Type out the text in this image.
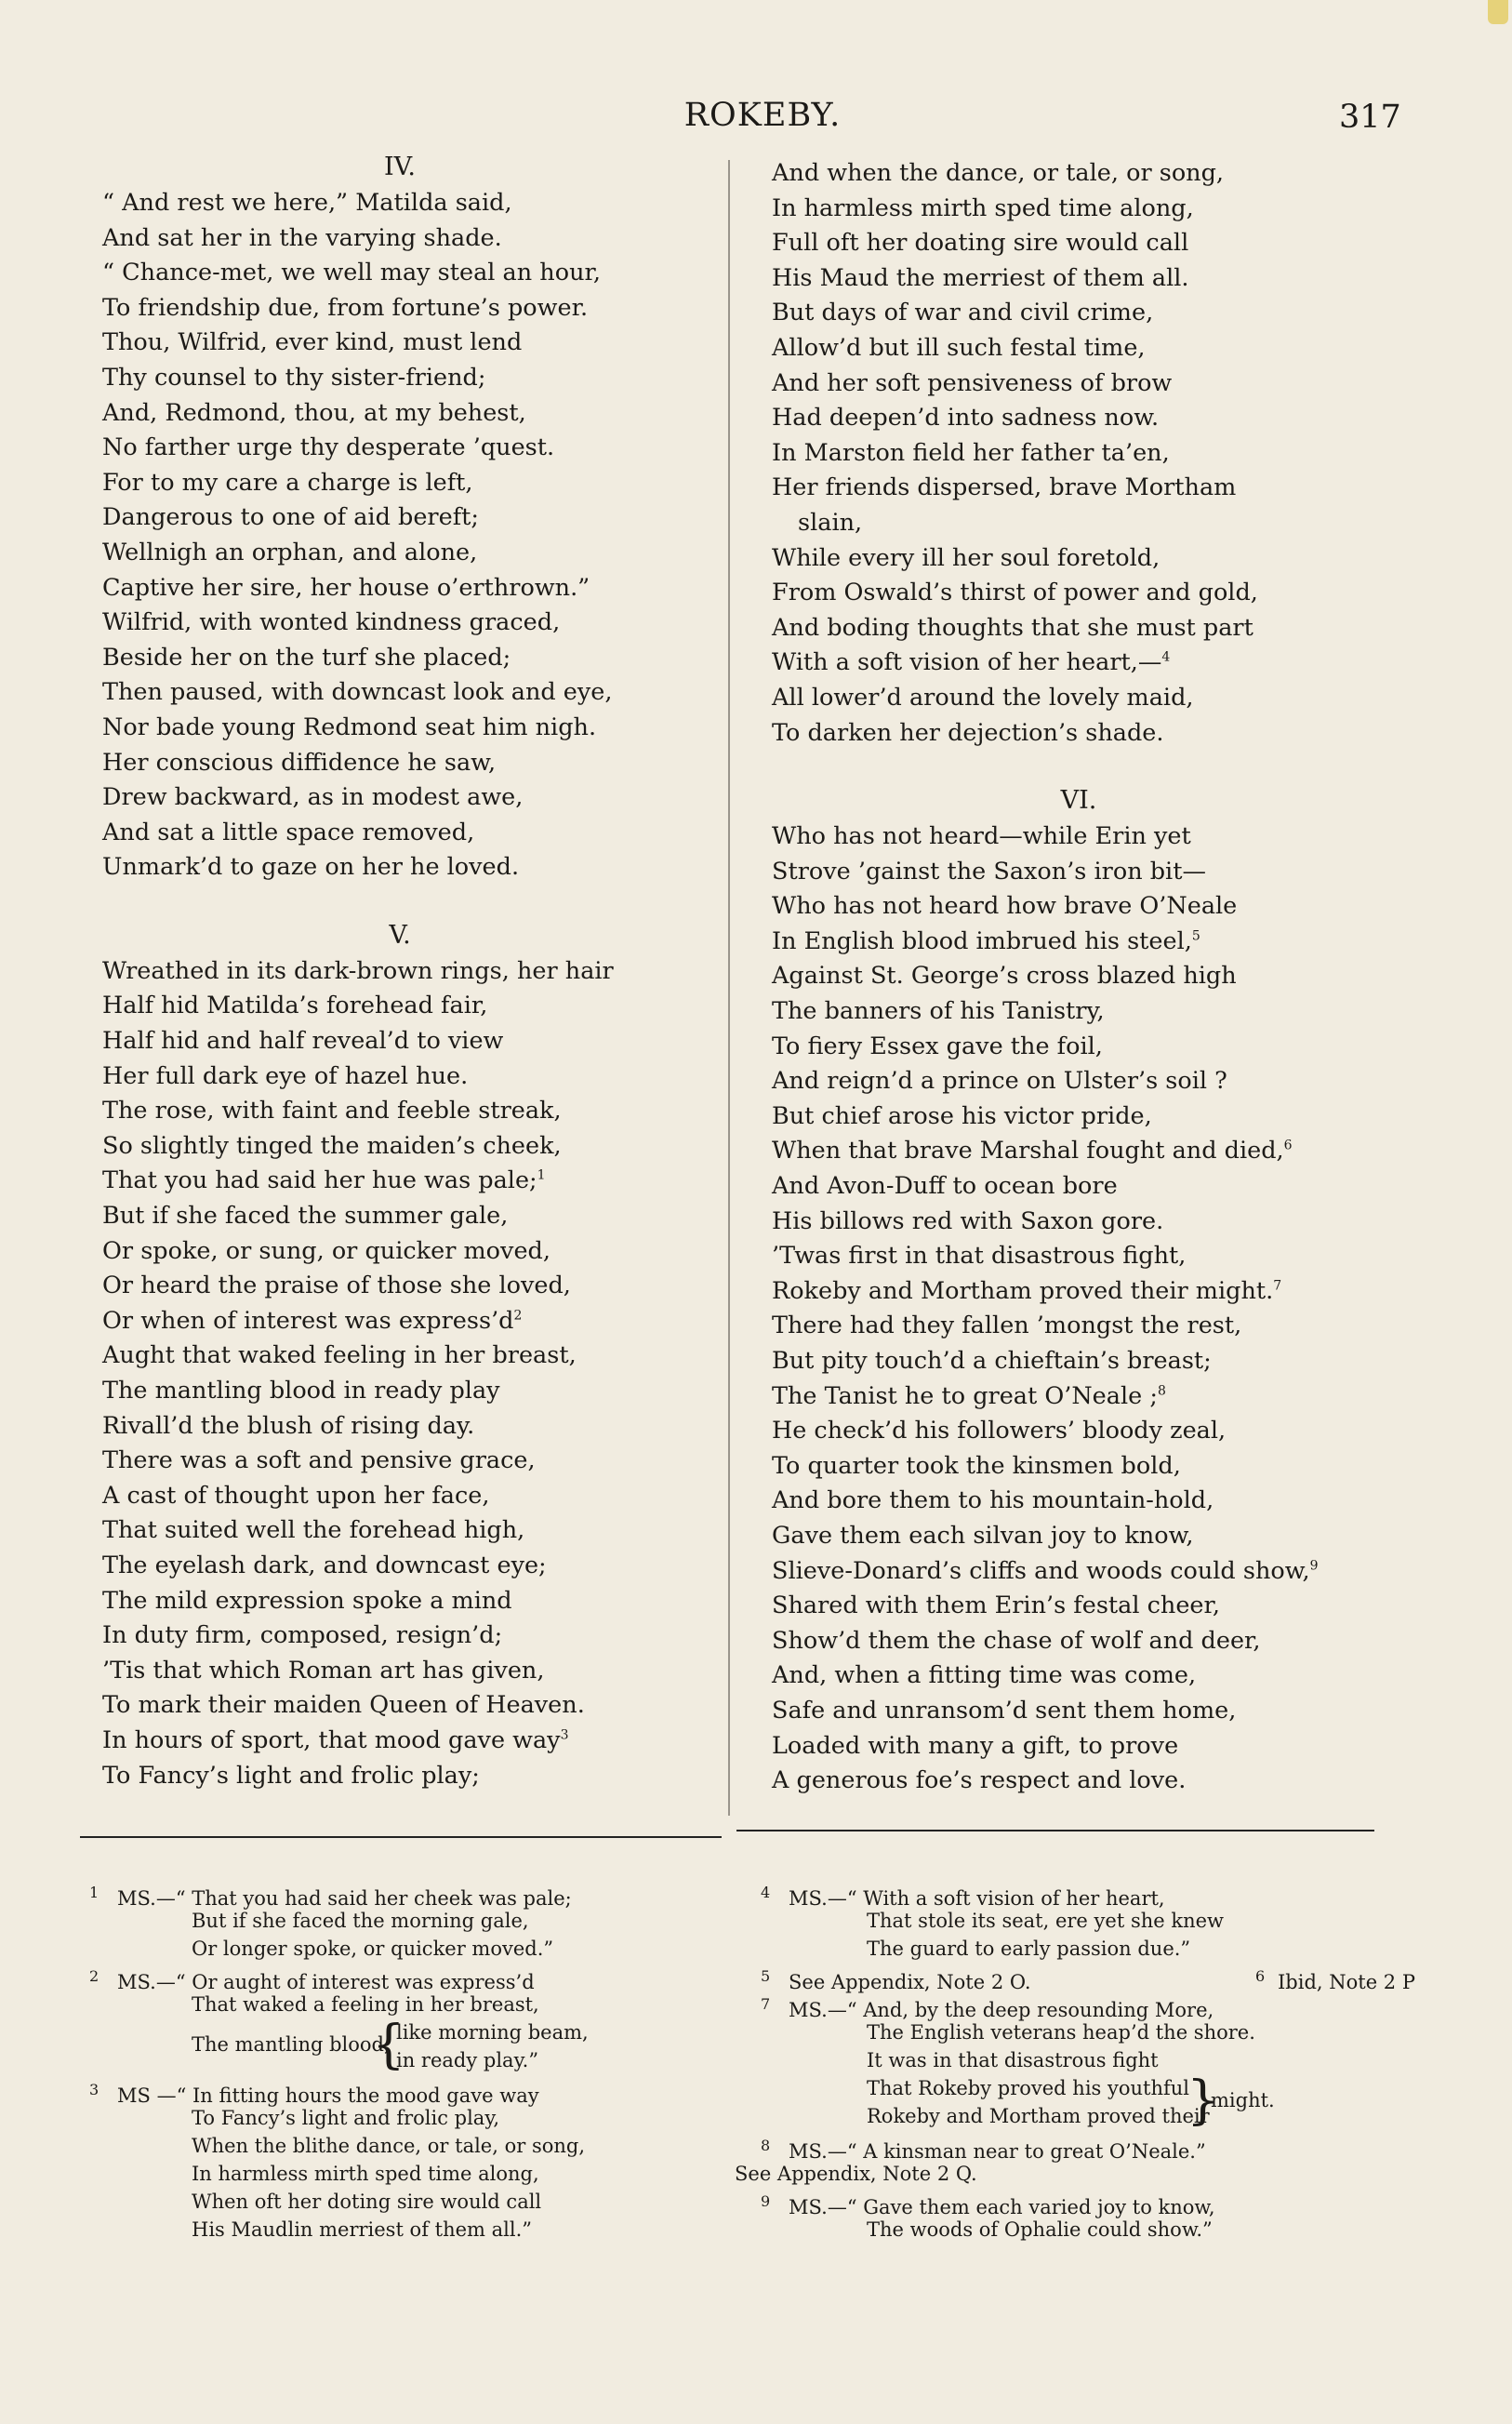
ROKEBY.	317
IV.
“ And rest we here,” Matilda said,
And sat her in the varying shade.
“ Chance-met, we well may steal an hour,
To friendship due, from fortune’s power.
Thou, Wilfrid, ever kind, must lend
Thy counsel to thy sister-friend;
And, Redmond, thou, at my behest,
No farther urge thy desperate ’quest.
For to my care a charge is left,
Dangerous to one of aid bereft;
Wellnigh an orphan, and alone,
Captive her sire, her house o’erthrown.”
Wilfrid, with wonted kindness graced,
Beside her on the turf she placed;
Then paused, with downcast look and eye,
Nor bade young Redmond seat him nigh.
Her conscious diffidence he saw,
Drew backward, as in modest awe,
And sat a little space removed,
Unmark’d to gaze on her he loved.
V.
Wreathed in its dark-brown rings, her hair
Half hid Matilda’s forehead fair,
Half hid and half reveal’d to view
Her full dark eye of hazel hue.
The rose, with faint and feeble streak,
So slightly tinged the maiden’s cheek,
That you had said her hue was pale;$^1$
But if she faced the summer gale,
Or spoke, or sung, or quicker moved,
Or heard the praise of those she loved,
Or when of interest was $express’d^2$
Aught that waked feeling in her breast,
The mantling blood in ready play
Rivall’d the blush of rising day.
There was a soft and pensive grace,
A cast of thought upon her face,
That suited well the forehead high,
The eyelash dark, and downcast eye;
The mild expression spoke a mind
In duty firm, composed, resign’d;
’Tis that which Roman art has given,
To mark their maiden Queen of Heaven.
In hours of sport, that mood gave way$^3$
To Fancy’s light and frolic play;
And when the dance, or tale, or song,
In harmless mirth sped time along,
Full oft her doating sire would call
His Maud the merriest of them all.
But days of war and civil crime,
Allow’d but ill such festal time,
And her soft pensiveness of brow
Had deepen’d into sadness now.
In Marston field her father ta’en,
Her friends dispersed, brave Mortham
slain,
While every ill her soul foretold,
From Oswald’s thirst of power and gold,
And boding thoughts that she must part
With a soft vision of her heart,—$^4$
All lower’d around the lovely maid,
To darken her dejection’s shade.
VI.
Who has not heard—while Erin yet
Strove ’gainst the Saxon’s iron bit—
Who has not heard how brave O’Neale
In English blood imbrued his steel,$^5$
Against St. George’s cross blazed high
The banners of his Tanistry,
To fiery Essex gave the foil,
And reign’d a prince on Ulster’s soil ?
But chief arose his victor pride,
When that brave Marshal fought and died,$^6$
And Avon-Duff to ocean bore
His billows red with Saxon gore.
’Twas first in that disastrous fight,
Rokeby and Mortham proved their might.$^7$
There had they fallen ’mongst the rest,
But pity touch’d a chieftain’s breast;
The Tanist he to great O’Neale ;$^8$
He check’d his followers’ bloody zeal,
To quarter took the kinsmen bold,
And bore them to his mountain-hold,
Gave them each silvan joy to know,
Slieve-Donard’s cliffs and woods could show,$^9$
Shared with them Erin’s festal cheer,
Show’d them the chase of wolf and deer,
And, when a fitting time was come,
Safe and unransom’d sent them home,
Loaded with many a gift, to prove
A generous foe’s respect and love.
1 MS.—“ That you had said her cheek was pale;
But if she faced the morning gale,
Or longer spoke, or quicker moved.”
2 MS.—“ Or aught of interest was express’d
That waked a feeling in her breast,
The mantling blood,
{
like morning beam,
in ready play.”
3 MS —“ In fitting hours the mood gave way
To Fancy’s light and frolic play,
When the blithe dance, or tale, or song,
In harmless mirth sped time along,
When oft her doting sire would call
His Maudlin merriest of them all.”
4 MS.—“ With a soft vision of her heart,
That stole its seat, ere yet she knew
The guard to early passion due.”
5 See Appendix, Note 2 O.	6 Ibid, Note 2 P
7 MS.—“ And, by the deep resounding More,
The English veterans heap’d the shore.
It was in that disastrous fight
That Rokeby proved his youthful
Rokeby and Mortham proved their
}
might.
8 MS.—“ A kinsman near to great O’Neale.”
See Appendix, Note 2 Q.
9 MS.—“ Gave them each varied joy to know,
The woods of Ophalie could show.”
